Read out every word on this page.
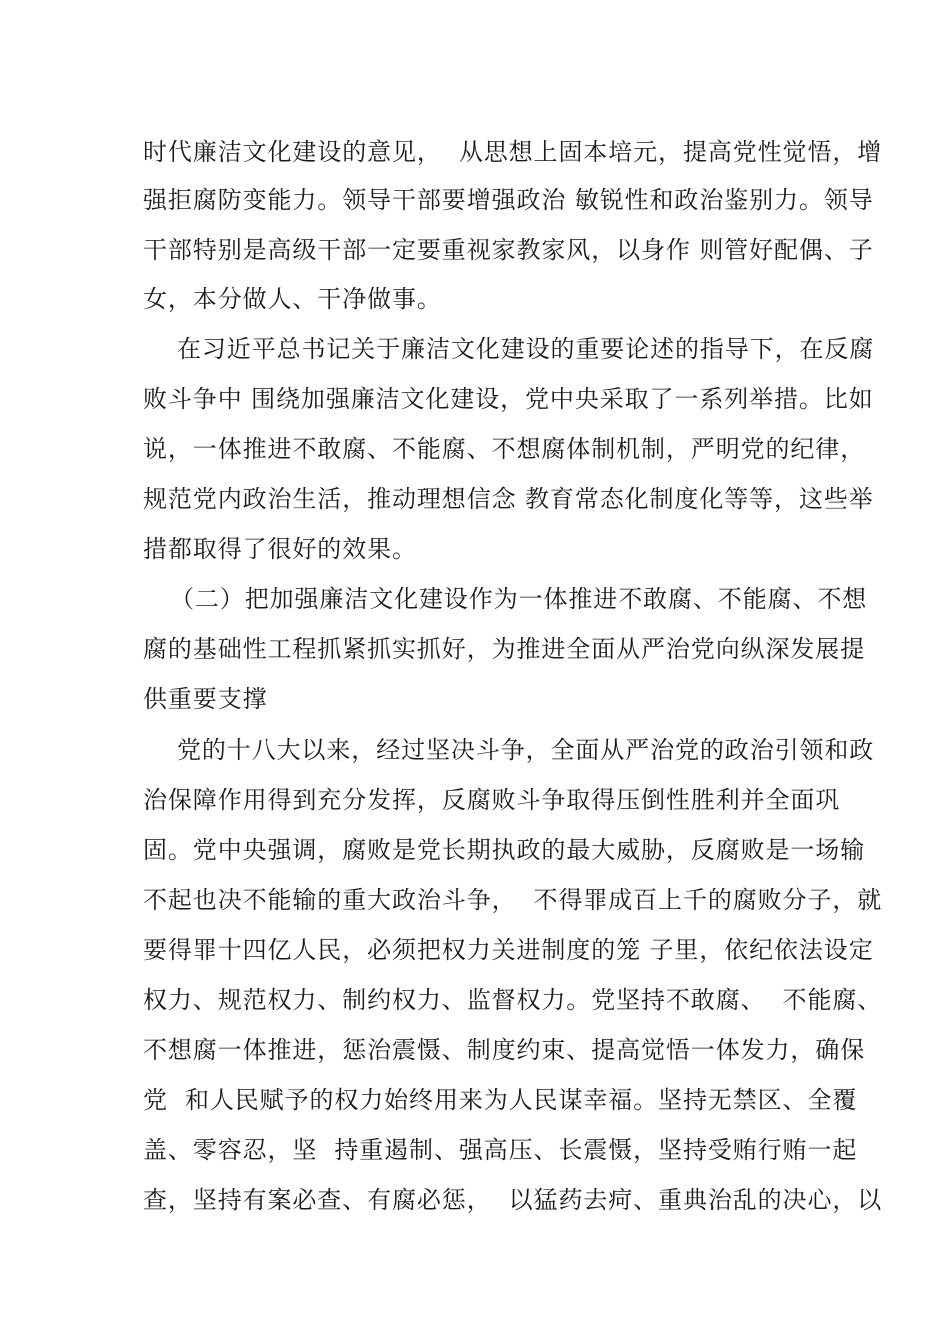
时代廉洁文化建设的意见，  从思想上固本培元，提高党性觉悟，增
强拒腐防变能力。领导干部要增强政治 敏锐性和政治鉴别力。领导
干部特别是高级干部一定要重视家教家风，以身作 则管好配偶、子
女，本分做人、干净做事。
在习近平总书记关于廉洁文化建设的重要论述的指导下，在反腐
败斗争中 围绕加强廉洁文化建设，党中央采取了一系列举措。比如
说，一体推进不敢腐、不能腐、不想腐体制机制，严明党的纪律，
规范党内政治生活，推动理想信念 教育常态化制度化等等，这些举
措都取得了很好的效果。
（二）把加强廉洁文化建设作为一体推进不敢腐、不能腐、不想
腐的基础性工程抓紧抓实抓好，为推进全面从严治党向纵深发展提
供重要支撑
党的十八大以来，经过坚决斗争，全面从严治党的政治引领和政
治保障作用得到充分发挥，反腐败斗争取得压倒性胜利并全面巩
固。党中央强调，腐败是党长期执政的最大威胁，反腐败是一场输
不起也决不能输的重大政治斗争，  不得罪成百上千的腐败分子，就
要得罪十四亿人民，必须把权力关进制度的笼 子里，依纪依法设定
权力、规范权力、制约权力、监督权力。党坚持不敢腐、  不能腐、
不想腐一体推进，惩治震慑、制度约束、提高觉悟一体发力，确保
党  和人民赋予的权力始终用来为人民谋幸福。坚持无禁区、全覆
盖、零容忍，坚  持重遏制、强高压、长震慑，坚持受贿行贿一起
查，坚持有案必查、有腐必惩，  以猛药去疴、重典治乱的决心，以
